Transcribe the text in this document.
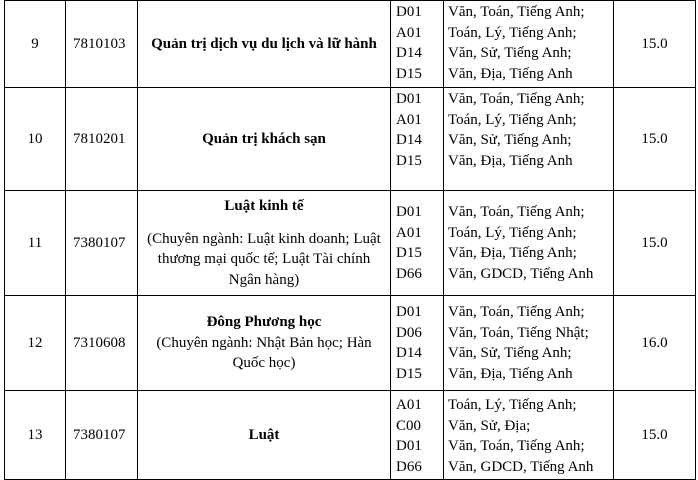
9	7810103	Quản trị dịch vụ du lịch và lữ hành	D01
A01
D14
D15	Văn, Toán, Tiếng Anh;
Toán, Lý, Tiếng Anh;
Văn, Sử, Tiếng Anh;
Văn, Địa, Tiếng Anh	15.0
10	7810201	Quản trị khách sạn	D01
A01
D14
D15	Văn, Toán, Tiếng Anh;
Toán, Lý, Tiếng Anh;
Văn, Sử, Tiếng Anh;
Văn, Địa, Tiếng Anh	15.0
11	7380107	Luật kinh tế
(Chuyên ngành: Luật kinh doanh; Luật thương mại quốc tế; Luật Tài chính Ngân hàng)	D01
A01
D15
D66	Văn, Toán, Tiếng Anh;
Toán, Lý, Tiếng Anh;
Văn, Địa, Tiếng Anh;
Văn, GDCD, Tiếng Anh	15.0
12	7310608	Đông Phương học
(Chuyên ngành: Nhật Bản học; Hàn Quốc học)	D01
D06
D14
D15	Văn, Toán, Tiếng Anh;
Văn, Toán, Tiếng Nhật;
Văn, Sử, Tiếng Anh;
Văn, Địa, Tiếng Anh	16.0
13	7380107	Luật	A01
C00
D01
D66	Toán, Lý, Tiếng Anh;
Văn, Sử, Địa;
Văn, Toán, Tiếng Anh;
Văn, GDCD, Tiếng Anh	15.0
